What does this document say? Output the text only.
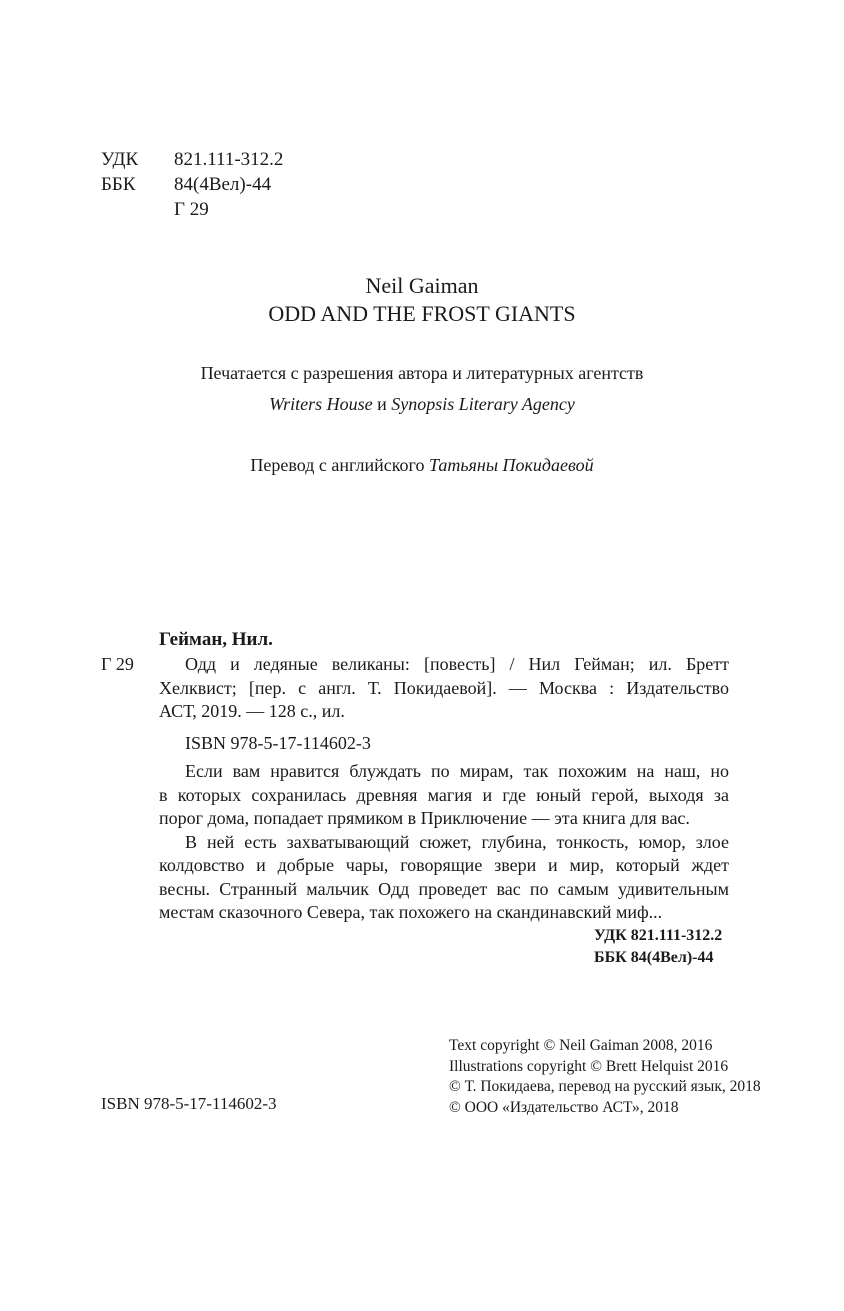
УДК 821.111-312.2
ББК 84(4Вел)-44
Г 29
Neil Gaiman
ODD AND THE FROST GIANTS
Печатается с разрешения автора и литературных агентств
Writers House и Synopsis Literary Agency
Перевод с английского Татьяны Покидаевой
Гейман, Нил.
Г 29	Одд и ледяные великаны: [повесть] / Нил Гейман; ил. Бретт
Хелквист; [пер. с англ. Т. Покидаевой]. — Москва : Издательство
АСТ, 2019. — 128 с., ил.
ISBN 978-5-17-114602-3
Если вам нравится блуждать по мирам, так похожим на наш, но
в которых сохранилась древняя магия и где юный герой, выходя за
порог дома, попадает прямиком в Приключение — эта книга для вас.
В ней есть захватывающий сюжет, глубина, тонкость, юмор, злое
колдовство и добрые чары, говорящие звери и мир, который ждет
весны. Странный мальчик Одд проведет вас по самым удивительным
местам сказочного Севера, так похожего на скандинавский миф...
УДК 821.111-312.2
ББК 84(4Вел)-44
Text copyright © Neil Gaiman 2008, 2016
Illustrations copyright © Brett Helquist 2016
© Т. Покидаева, перевод на русский язык, 2018
© ООО «Издательство АСТ», 2018
ISBN 978-5-17-114602-3
